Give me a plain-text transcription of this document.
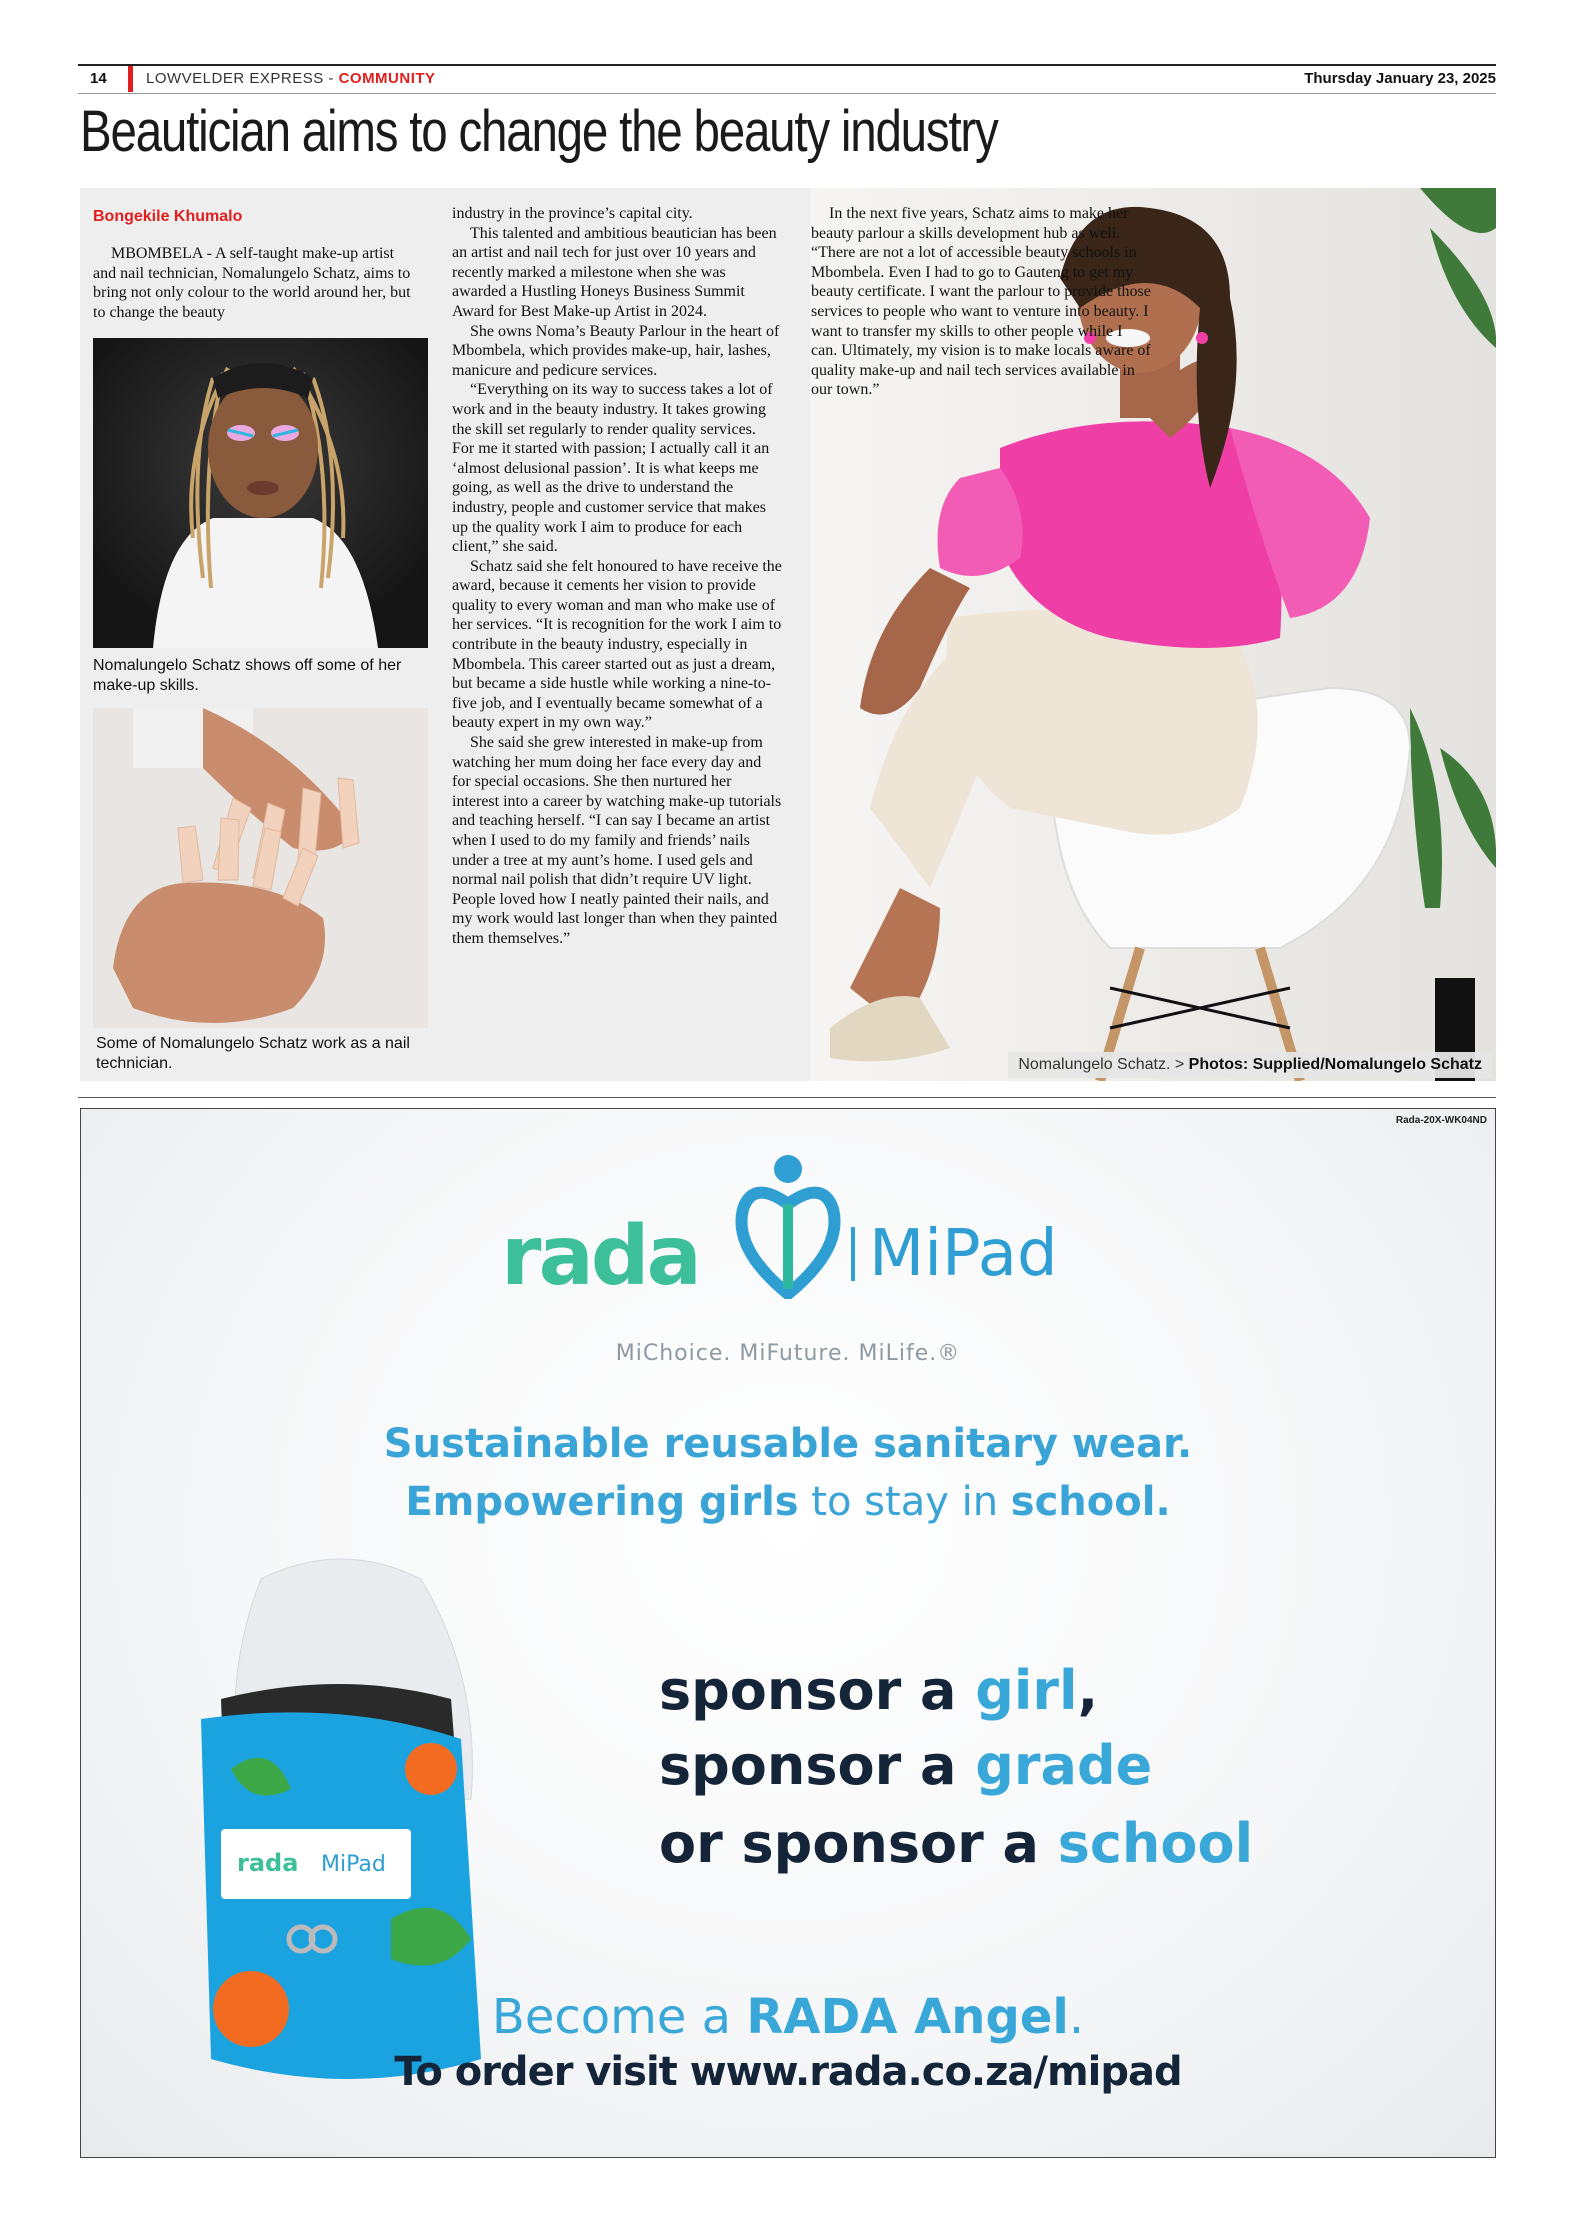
14	LOWVELDER EXPRESS - COMMUNITY	Thursday January 23, 2025
Beautician aims to change the beauty industry
Bongekile Khumalo

MBOMBELA - A self-taught make-up artist and nail technician, Nomalungelo Schatz, aims to bring not only colour to the world around her, but to change the beauty

Nomalungelo Schatz shows off some of her make-up skills.
Some of Nomalungelo Schatz work as a nail technician.

industry in the province’s capital city.

This talented and ambitious beautician has been an artist and nail tech for just over 10 years and recently marked a milestone when she was awarded a Hustling Honeys Business Summit Award for Best Make-up Artist in 2024.

She owns Noma’s Beauty Parlour in the heart of Mbombela, which provides make-up, hair, lashes, manicure and pedicure services.

“Everything on its way to success takes a lot of work and in the beauty industry. It takes growing the skill set regularly to render quality services. For me it started with passion; I actually call it an ‘almost delusional passion’. It is what keeps me going, as well as the drive to understand the industry, people and customer service that makes up the quality work I aim to produce for each client,” she said.

Schatz said she felt honoured to have receive the award, because it cements her vision to provide quality to every woman and man who make use of her services. “It is recognition for the work I aim to contribute in the beauty industry, especially in Mbombela. This career started out as just a dream, but became a side hustle while working a nine-to-five job, and I eventually became somewhat of a beauty expert in my own way.”

She said she grew interested in make-up from watching her mum doing her face every day and for special occasions. She then nurtured her interest into a career by watching make-up tutorials and teaching herself. “I can say I became an artist when I used to do my family and friends’ nails under a tree at my aunt’s home. I used gels and normal nail polish that didn’t require UV light. People loved how I neatly painted their nails, and my work would last longer than when they painted them themselves.”

In the next five years, Schatz aims to make her beauty parlour a skills development hub as well. “There are not a lot of accessible beauty schools in Mbombela. Even I had to go to Gauteng to get my beauty certificate. I want the parlour to provide those services to people who want to venture into beauty. I want to transfer my skills to other people while I can. Ultimately, my vision is to make locals aware of quality make-up and nail tech services available in our town.”

Nomalungelo Schatz. > Photos: Supplied/Nomalungelo Schatz
Rada-20X-WK04ND
rada	MiPad
MiChoice. MiFuture. MiLife.®
Sustainable reusable sanitary wear.
Empowering girls to stay in school.
rada MiPad
sponsor a girl,
sponsor a grade
or sponsor a school
Become a RADA Angel.
To order visit www.rada.co.za/mipad
